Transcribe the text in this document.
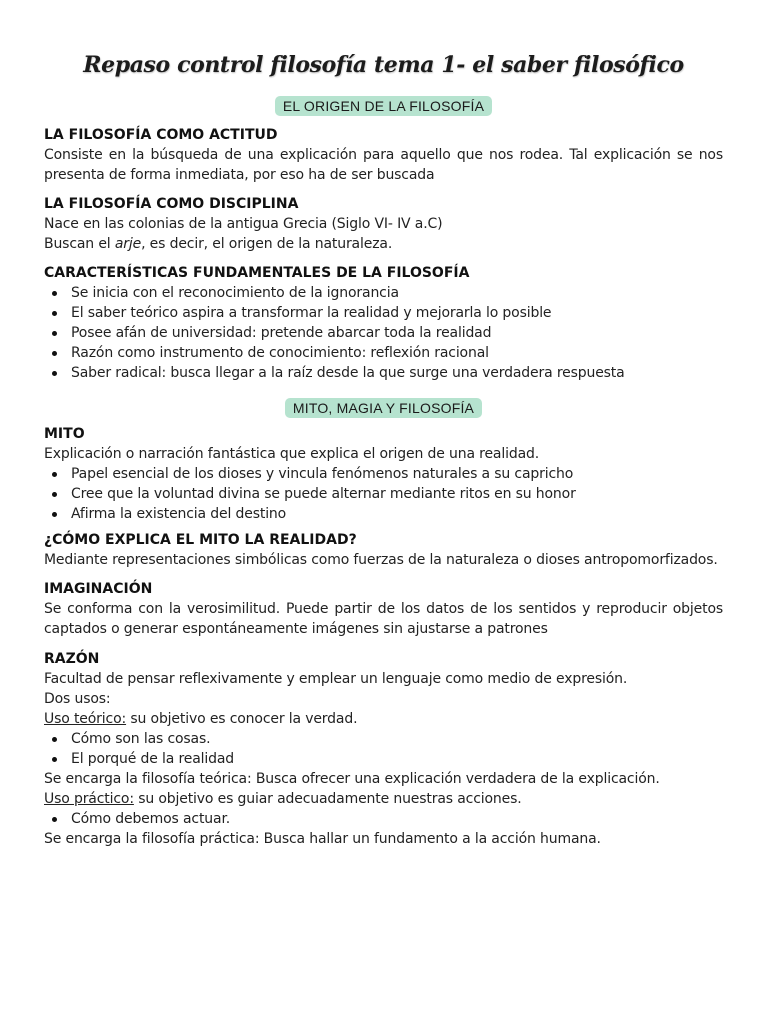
Repaso control filosofía tema 1- el saber filosófico
EL ORIGEN DE LA FILOSOFÍA
LA FILOSOFÍA COMO ACTITUD

Consiste en la búsqueda de una explicación para aquello que nos rodea. Tal explicación se nos presenta de forma inmediata, por eso ha de ser buscada

LA FILOSOFÍA COMO DISCIPLINA

Nace en las colonias de la antigua Grecia (Siglo VI- IV a.C)

Buscan el arje, es decir, el origen de la naturaleza.

CARACTERÍSTICAS FUNDAMENTALES DE LA FILOSOFÍA
Se inicia con el reconocimiento de la ignorancia
El saber teórico aspira a transformar la realidad y mejorarla lo posible
Posee afán de universidad: pretende abarcar toda la realidad
Razón como instrumento de conocimiento: reflexión racional
Saber radical: busca llegar a la raíz desde la que surge una verdadera respuesta
MITO, MAGIA Y FILOSOFÍA
MITO

Explicación o narración fantástica que explica el origen de una realidad.

Papel esencial de los dioses y vincula fenómenos naturales a su capricho
Cree que la voluntad divina se puede alternar mediante ritos en su honor
Afirma la existencia del destino
¿CÓMO EXPLICA EL MITO LA REALIDAD?

Mediante representaciones simbólicas como fuerzas de la naturaleza o dioses antropomorfizados.

IMAGINACIÓN

Se conforma con la verosimilitud. Puede partir de los datos de los sentidos y reproducir objetos captados o generar espontáneamente imágenes sin ajustarse a patrones

RAZÓN

Facultad de pensar reflexivamente y emplear un lenguaje como medio de expresión.

Dos usos:

Uso teórico: su objetivo es conocer la verdad.

Cómo son las cosas.
El porqué de la realidad

Se encarga la filosofía teórica: Busca ofrecer una explicación verdadera de la explicación.

Uso práctico: su objetivo es guiar adecuadamente nuestras acciones.

Cómo debemos actuar.

Se encarga la filosofía práctica: Busca hallar un fundamento a la acción humana.
